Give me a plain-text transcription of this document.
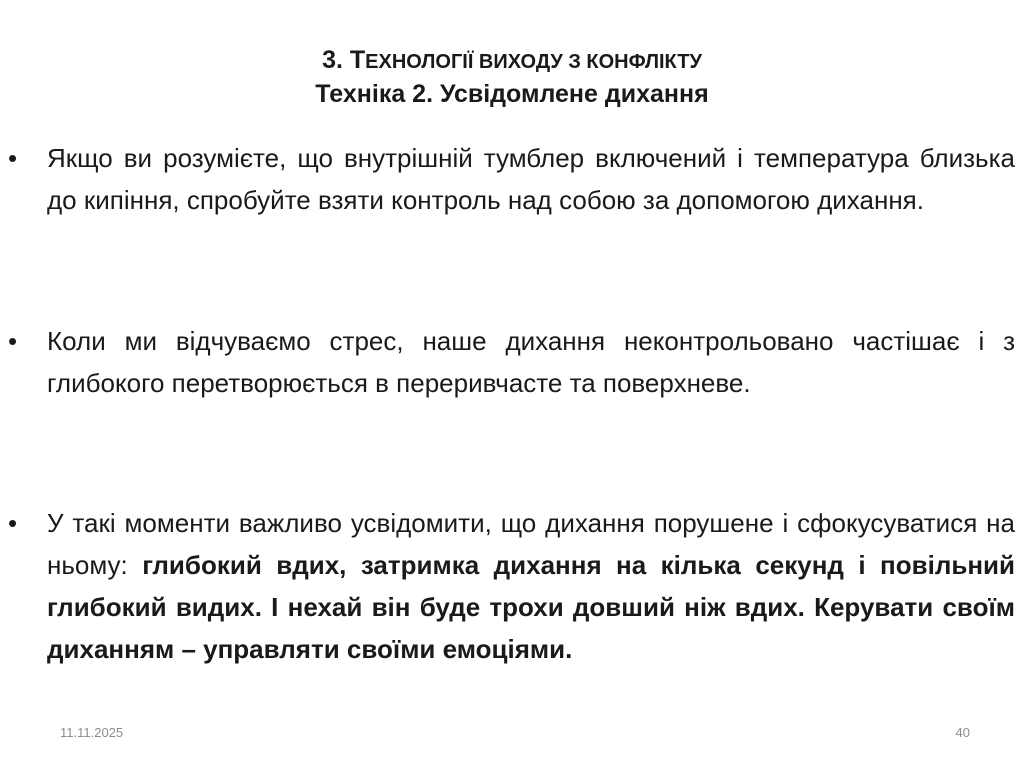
3. ТЕХНОЛОГІЇ ВИХОДУ З КОНФЛІКТУ
Техніка 2. Усвідомлене дихання
• Якщо ви розумієте, що внутрішній тумблер включений і температура близька до кипіння, спробуйте взяти контроль над собою за допомогою дихання.
• Коли ми відчуваємо стрес, наше дихання неконтрольовано частішає і з глибокого перетворюється в переривчасте та поверхневе.
• У такі моменти важливо усвідомити, що дихання порушене і сфокусуватися на ньому: глибокий вдих, затримка дихання на кілька секунд і повільний глибокий видих. І нехай він буде трохи довший ніж вдих. Керувати своїм диханням – управляти своїми емоціями.
11.11.2025	40
